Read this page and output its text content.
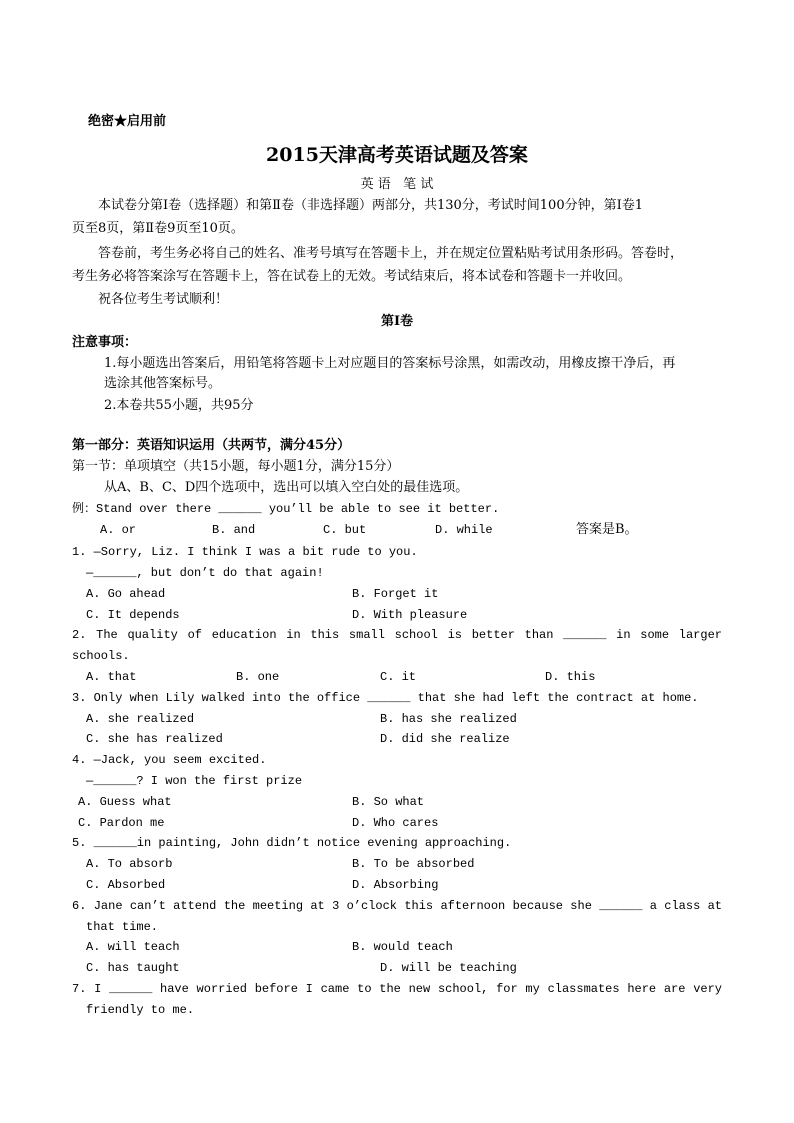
绝密★启用前
2015天津高考英语试题及答案
英 语   笔 试
本试卷分第Ⅰ卷（选择题）和第Ⅱ卷（非选择题）两部分，共130分，考试时间100分钟，第Ⅰ卷1
页至8页，第Ⅱ卷9页至10页。
答卷前，考生务必将自己的姓名、准考号填写在答题卡上，并在规定位置粘贴考试用条形码。答卷时，
考生务必将答案涂写在答题卡上，答在试卷上的无效。考试结束后，将本试卷和答题卡一并收回。
祝各位考生考试顺利！
第Ⅰ卷
注意事项：
1.每小题选出答案后，用铅笔将答题卡上对应题目的答案标号涂黑，如需改动，用橡皮擦干净后，再
选涂其他答案标号。
2.本卷共55小题，共95分
第一部分：英语知识运用（共两节，满分45分）
第一节：单项填空（共15小题，每小题1分，满分15分）
从A、B、C、D四个选项中，选出可以填入空白处的最佳选项。
例：Stand over there ______ you’ll be able to see it better.
A. or	B. and	C. but	D. while	答案是B。
1. —Sorry, Liz. I think I was a bit rude to you.
—______, but don’t do that again!
A. Go ahead	B. Forget it
C. It depends	D. With pleasure
2. The quality of education in this small school is better than ______ in some larger
schools.
A. that	B. one	C. it	D. this
3. Only when Lily walked into the office ______ that she had left the contract at home.
A. she realized	B. has she realized
C. she has realized	D. did she realize
4. —Jack, you seem excited.
—______? I won the first prize
A. Guess what	B. So what
C. Pardon me	D. Who cares
5. ______in painting, John didn’t notice evening approaching.
A. To absorb	B. To be absorbed
C. Absorbed	D. Absorbing
6. Jane can’t attend the meeting at 3 o’clock this afternoon because she ______ a class at
that time.
A. will teach	B. would teach
C. has taught	D. will be teaching
7. I ______ have worried before I came to the new school, for my classmates here are very
friendly to me.
